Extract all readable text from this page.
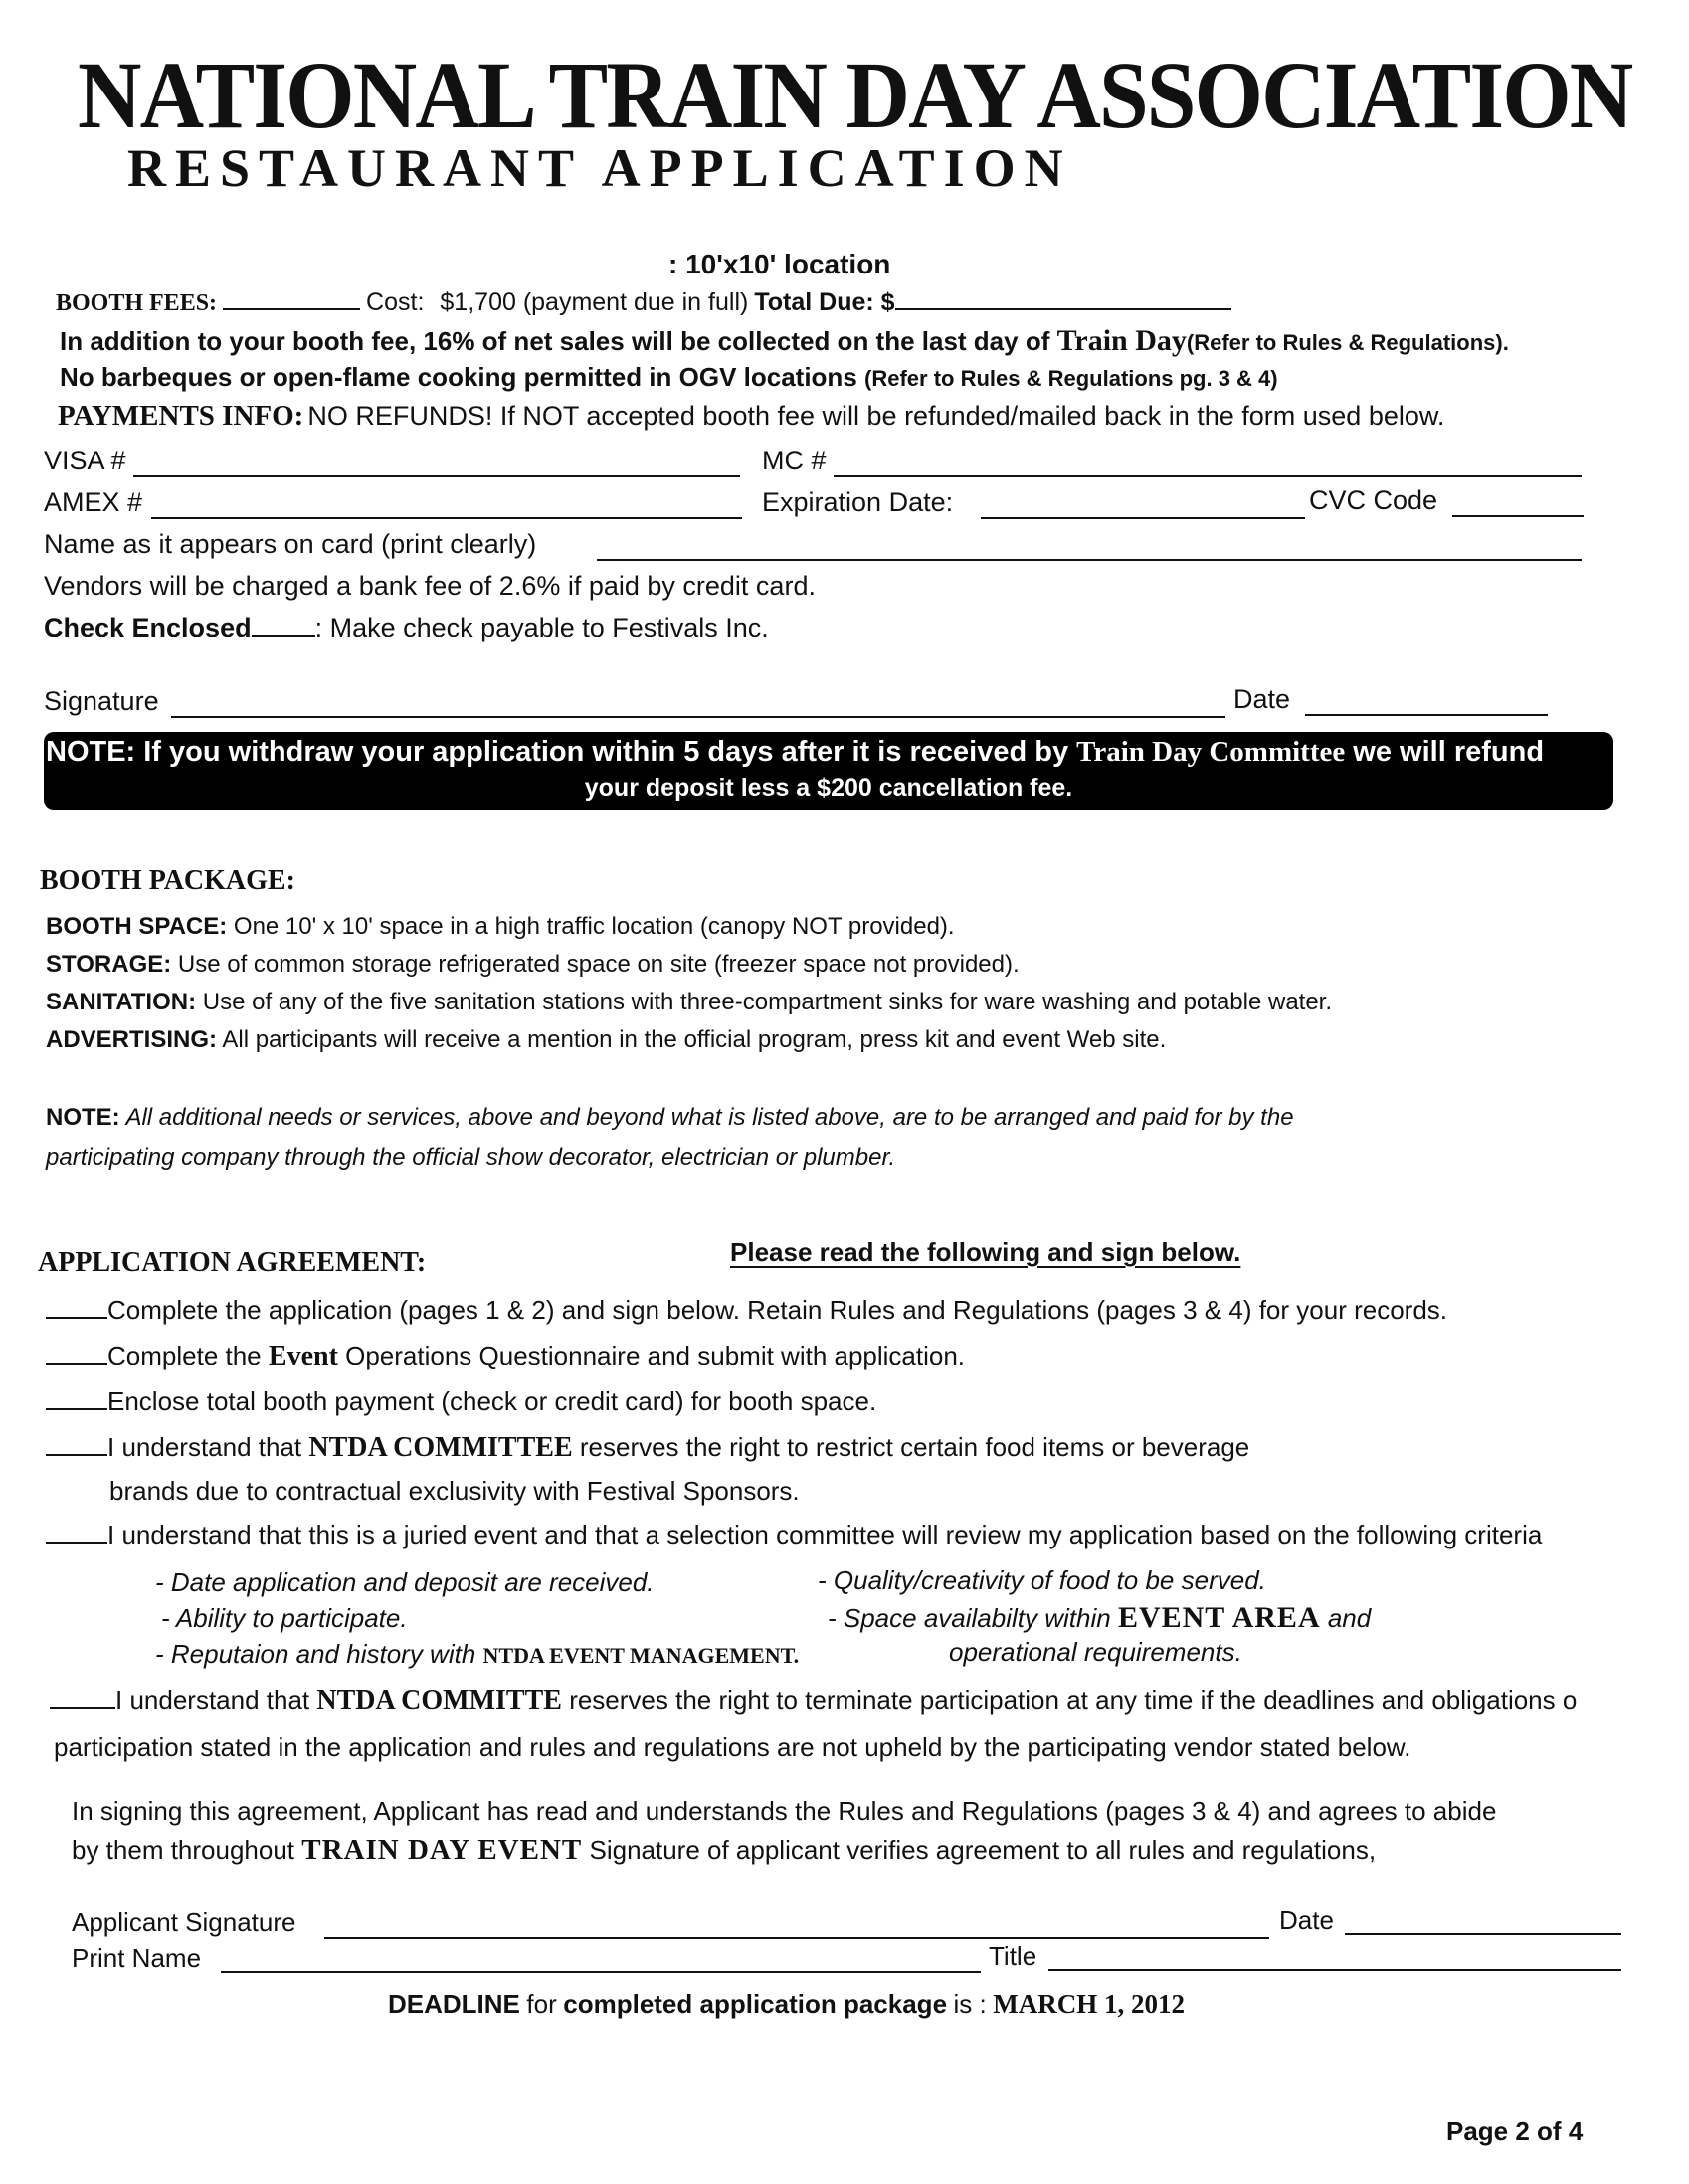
NATIONAL TRAIN DAY ASSOCIATION
RESTAURANT APPLICATION
: 10'x10' location
BOOTH FEES:	Cost: $1,700 (payment due in full) Total Due: $
In addition to your booth fee, 16% of net sales will be collected on the last day of Train Day(Refer to Rules & Regulations).
No barbeques or open-flame cooking permitted in OGV locations (Refer to Rules & Regulations pg. 3 & 4)
PAYMENTS INFO: NO REFUNDS! If NOT accepted booth fee will be refunded/mailed back in the form used below.
VISA #	MC #
AMEX #	Expiration Date:	CVC Code
Name as it appears on card (print clearly)
Vendors will be charged a bank fee of 2.6% if paid by credit card.
Check Enclosed : Make check payable to Festivals Inc.
Signature	Date
NOTE: If you withdraw your application within 5 days after it is received by Train Day Committee we will refund
your deposit less a $200 cancellation fee.
BOOTH PACKAGE:
BOOTH SPACE: One 10' x 10' space in a high traffic location (canopy NOT provided).
STORAGE: Use of common storage refrigerated space on site (freezer space not provided).
SANITATION: Use of any of the five sanitation stations with three-compartment sinks for ware washing and potable water.
ADVERTISING: All participants will receive a mention in the official program, press kit and event Web site.
NOTE: All additional needs or services, above and beyond what is listed above, are to be arranged and paid for by the
participating company through the official show decorator, electrician or plumber.
APPLICATION AGREEMENT:	Please read the following and sign below.
Complete the application (pages 1 & 2) and sign below. Retain Rules and Regulations (pages 3 & 4) for your records.
Complete the Event Operations Questionnaire and submit with application.
Enclose total booth payment (check or credit card) for booth space.
I understand that NTDA COMMITTEE reserves the right to restrict certain food items or beverage
brands due to contractual exclusivity with Festival Sponsors.
I understand that this is a juried event and that a selection committee will review my application based on the following criteria
- Date application and deposit are received.
- Ability to participate.
- Reputaion and history with NTDA EVENT MANAGEMENT.
- Quality/creativity of food to be served.
- Space availabilty within EVENT AREA and
operational requirements.
I understand that NTDA COMMITTE reserves the right to terminate participation at any time if the deadlines and obligations o
participation stated in the application and rules and regulations are not upheld by the participating vendor stated below.
In signing this agreement, Applicant has read and understands the Rules and Regulations (pages 3 & 4) and agrees to abide
by them throughout TRAIN DAY EVENT Signature of applicant verifies agreement to all rules and regulations,
Applicant Signature	Date
Print Name	Title
DEADLINE for completed application package is : MARCH 1, 2012
Page 2 of 4
